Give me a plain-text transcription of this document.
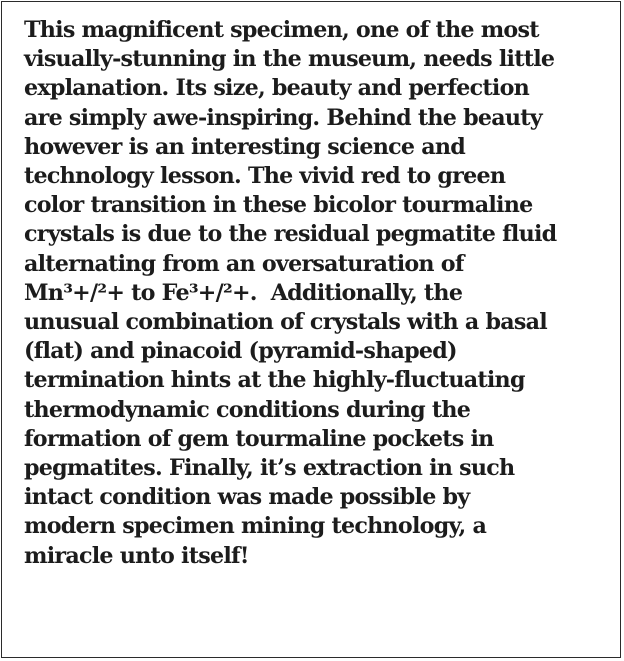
This magnificent specimen, one of the most
visually-stunning in the museum, needs little
explanation. Its size, beauty and perfection
are simply awe-inspiring. Behind the beauty
however is an interesting science and
technology lesson. The vivid red to green
color transition in these bicolor tourmaline
crystals is due to the residual pegmatite fluid
alternating from an oversaturation of
Mn³+/²+ to Fe³+/²+.  Additionally, the
unusual combination of crystals with a basal
(flat) and pinacoid (pyramid-shaped)
termination hints at the highly-fluctuating
thermodynamic conditions during the
formation of gem tourmaline pockets in
pegmatites. Finally, it’s extraction in such
intact condition was made possible by
modern specimen mining technology, a
miracle unto itself!
